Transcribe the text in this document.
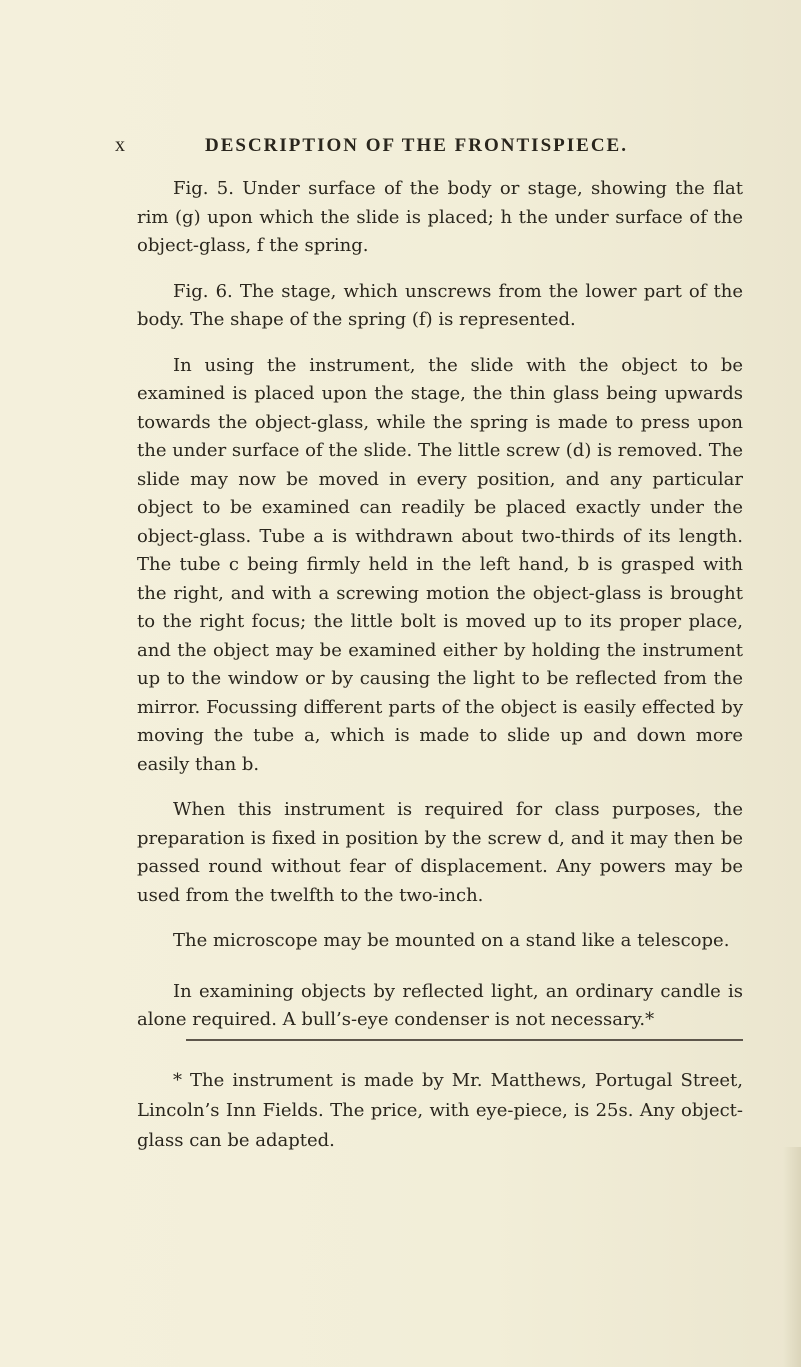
x	DESCRIPTION OF THE FRONTISPIECE.

Fig. 5. Under surface of the body or stage, showing the flat rim (g) upon which the slide is placed; h the under surface of the object-glass, f the spring.

Fig. 6. The stage, which unscrews from the lower part of the body. The shape of the spring (f) is represented.

In using the instrument, the slide with the object to be examined is placed upon the stage, the thin glass being upwards towards the object-glass, while the spring is made to press upon the under surface of the slide. The little screw (d) is removed. The slide may now be moved in every position, and any particular object to be examined can readily be placed exactly under the object-glass. Tube a is withdrawn about two-thirds of its length. The tube c being firmly held in the left hand, b is grasped with the right, and with a screwing motion the object-glass is brought to the right focus; the little bolt is moved up to its proper place, and the object may be examined either by holding the instrument up to the window or by causing the light to be reflected from the mirror. Focussing different parts of the object is easily effected by moving the tube a, which is made to slide up and down more easily than b.

When this instrument is required for class purposes, the preparation is fixed in position by the screw d, and it may then be passed round without fear of displacement. Any powers may be used from the twelfth to the two-inch.

The microscope may be mounted on a stand like a telescope.

In examining objects by reflected light, an ordinary candle is alone required. A bull’s-eye condenser is not necessary.*

* The instrument is made by Mr. Matthews, Portugal Street, Lincoln’s Inn Fields. The price, with eye-piece, is 25s. Any object-glass can be adapted.
